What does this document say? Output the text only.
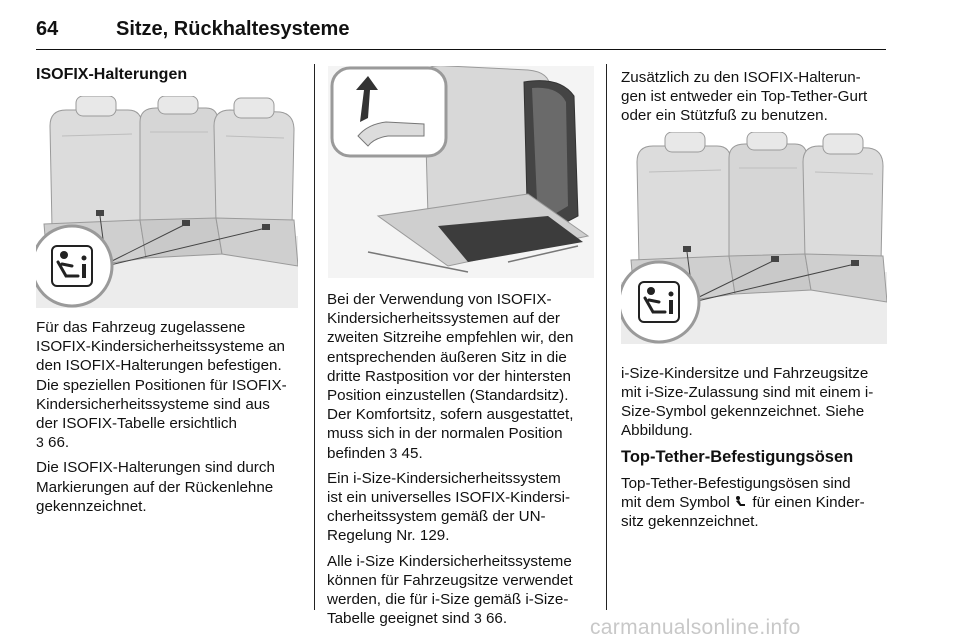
64	Sitze, Rückhaltesysteme
ISOFIX-Halterungen

Für das Fahrzeug zugelassene
ISOFIX-Kindersicherheitssysteme an
den ISOFIX-Halterungen befestigen.
Die speziellen Positionen für ISOFIX-
Kindersicherheitssysteme sind aus
der ISOFIX-Tabelle ersichtlich
3 66.

Die ISOFIX-Halterungen sind durch
Markierungen auf der Rückenlehne
gekennzeichnet.

Bei der Verwendung von ISOFIX-
Kindersicherheitssystemen auf der
zweiten Sitzreihe empfehlen wir, den
entsprechenden äußeren Sitz in die
dritte Rastposition vor der hintersten
Position einzustellen (Standardsitz).
Der Komfortsitz, sofern ausgestattet,
muss sich in der normalen Position
befinden 3 45.

Ein i-Size-Kindersicherheitssystem
ist ein universelles ISOFIX-Kindersi-
cherheitssystem gemäß der UN-
Regelung Nr. 129.

Alle i-Size Kindersicherheitssysteme
können für Fahrzeugsitze verwendet
werden, die für i-Size gemäß i-Size-
Tabelle geeignet sind 3 66.

Zusätzlich zu den ISOFIX-Halterun-
gen ist entweder ein Top-Tether-Gurt
oder ein Stützfuß zu benutzen.

i-Size-Kindersitze und Fahrzeugsitze
mit i-Size-Zulassung sind mit einem i-
Size-Symbol gekennzeichnet. Siehe
Abbildung.

Top-Tether-Befestigungsösen

Top-Tether-Befestigungsösen sind
mit dem Symbol für einen Kinder-
sitz gekennzeichnet.

carmanualsonline.info
